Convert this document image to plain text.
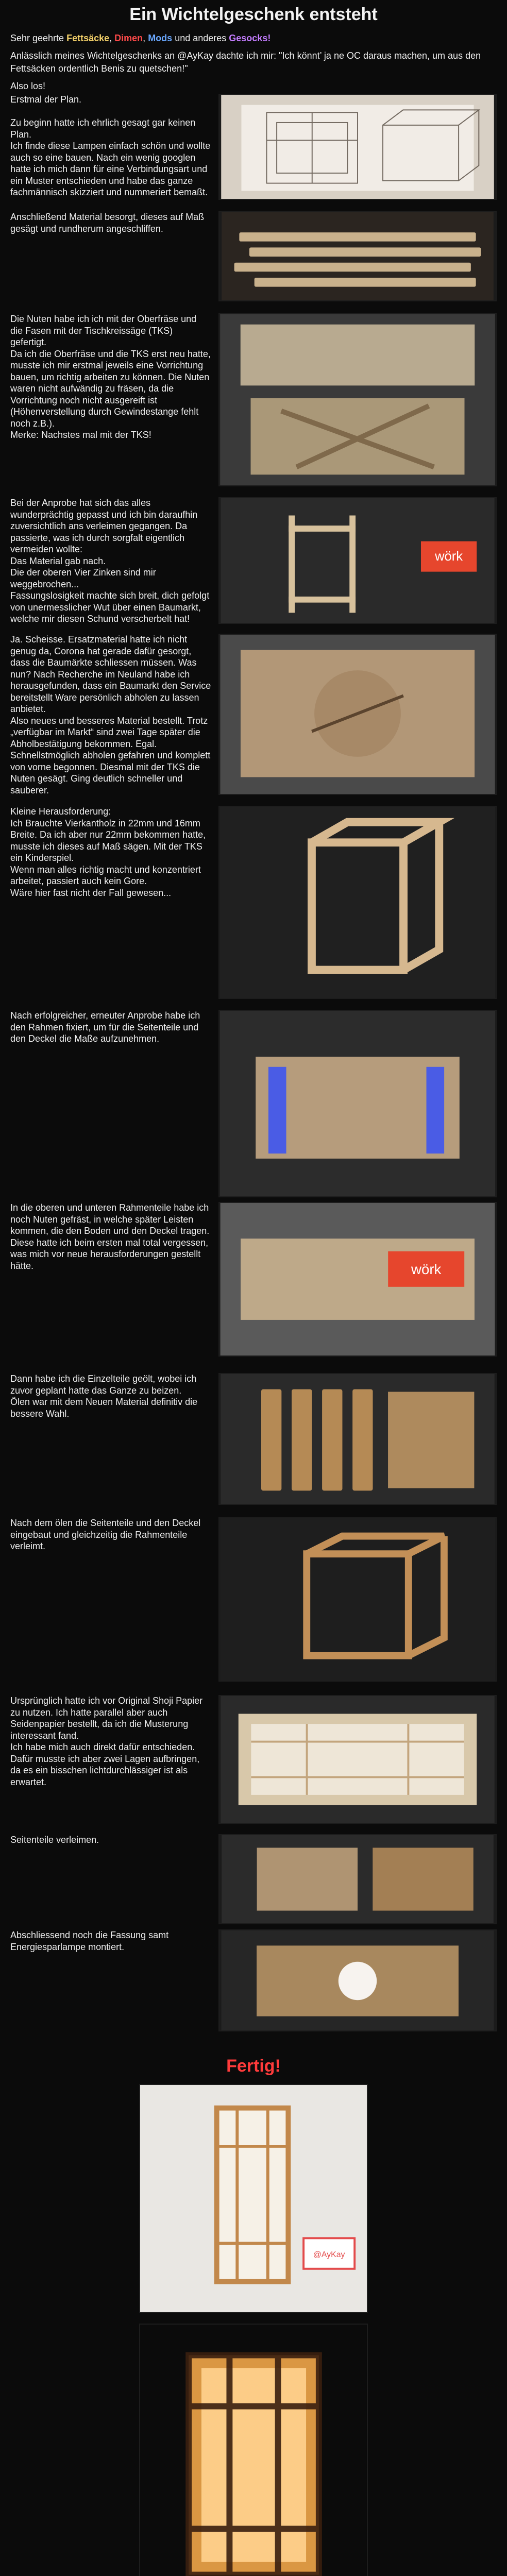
Ein Wichtelgeschenk entsteht

Sehr geehrte Fettsäcke, Dimen, Mods und anderes Gesocks!

Anlässlich meines Wichtelgeschenks an @AyKay dachte ich mir: "Ich könnt’ ja ne OC daraus machen, um aus den Fettsäcken ordentlich Benis zu quetschen!"

Also los!

Erstmal der Plan.

Zu beginn hatte ich ehrlich gesagt gar keinen Plan.
Ich finde diese Lampen einfach schön und wollte auch so eine bauen. Nach ein wenig googlen hatte ich mich dann für eine Verbindungsart und ein Muster entschieden und habe das ganze fachmännisch skizziert und nummeriert bemaßt.
Anschließend Material besorgt, dieses auf Maß gesägt und rundherum angeschliffen.
Die Nuten habe ich ich mit der Oberfräse und die Fasen mit der Tischkreissäge (TKS) gefertigt.
Da ich die Oberfräse und die TKS erst neu hatte, musste ich mir erstmal jeweils eine Vorrichtung bauen, um richtig arbeiten zu können. Die Nuten waren nicht aufwändig zu fräsen, da die Vorrichtung noch nicht ausgereift ist (Höhenverstellung durch Gewindestange fehlt noch z.B.).
Merke: Nachstes mal mit der TKS!
Bei der Anprobe hat sich das alles wunderprächtig gepasst und ich bin daraufhin zuversichtlich ans verleimen gegangen. Da passierte, was ich durch sorgfalt eigentlich vermeiden wollte:
Das Material gab nach.
Die der oberen Vier Zinken sind mir weggebrochen...
Fassungslosigkeit machte sich breit, dich gefolgt von unermesslicher Wut über einen Baumarkt, welche mir diesen Schund verscherbelt hat!
wörk
Ja. Scheisse. Ersatzmaterial hatte ich nicht genug da, Corona hat gerade dafür gesorgt, dass die Baumärkte schliessen müssen. Was nun? Nach Recherche im Neuland habe ich herausgefunden, dass ein Baumarkt den Service bereitstellt Ware persönlich abholen zu lassen anbietet.
Also neues und besseres Material bestellt. Trotz „verfügbar im Markt“ sind zwei Tage später die Abholbestätigung bekommen. Egal. Schnellstmöglich abholen gefahren und komplett von vorne begonnen. Diesmal mit der TKS die Nuten gesägt. Ging deutlich schneller und sauberer.
Kleine Herausforderung:
Ich Brauchte Vierkantholz in 22mm und 16mm Breite. Da ich aber nur 22mm bekommen hatte, musste ich dieses auf Maß sägen. Mit der TKS ein Kinderspiel.
Wenn man alles richtig macht und konzentriert arbeitet, passiert auch kein Gore.
Wäre hier fast nicht der Fall gewesen...
Nach erfolgreicher, erneuter Anprobe habe ich den Rahmen fixiert, um für die Seitenteile und den Deckel die Maße aufzunehmen.
In die oberen und unteren Rahmenteile habe ich noch Nuten gefräst, in welche später Leisten kommen, die den Boden und den Deckel tragen. Diese hatte ich beim ersten mal total vergessen, was mich vor neue herausforderungen gestellt hätte.	wörk
Dann habe ich die Einzelteile geölt, wobei ich zuvor geplant hatte das Ganze zu beizen.
Ölen war mit dem Neuen Material definitiv die bessere Wahl.
Nach dem ölen die Seitenteile und den Deckel eingebaut und gleichzeitig die Rahmenteile verleimt.
Ursprünglich hatte ich vor Original Shoji Papier zu nutzen. Ich hatte parallel aber auch Seidenpapier bestellt, da ich die Musterung interessant fand.
Ich habe mich auch direkt dafür entschieden. Dafür musste ich aber zwei Lagen aufbringen, da es ein bisschen lichtdurchlässiger ist als erwartet.
Seitenteile verleimen.
Abschliessend noch die Fassung samt Energiesparlampe montiert.
Fertig!
@AyKay
